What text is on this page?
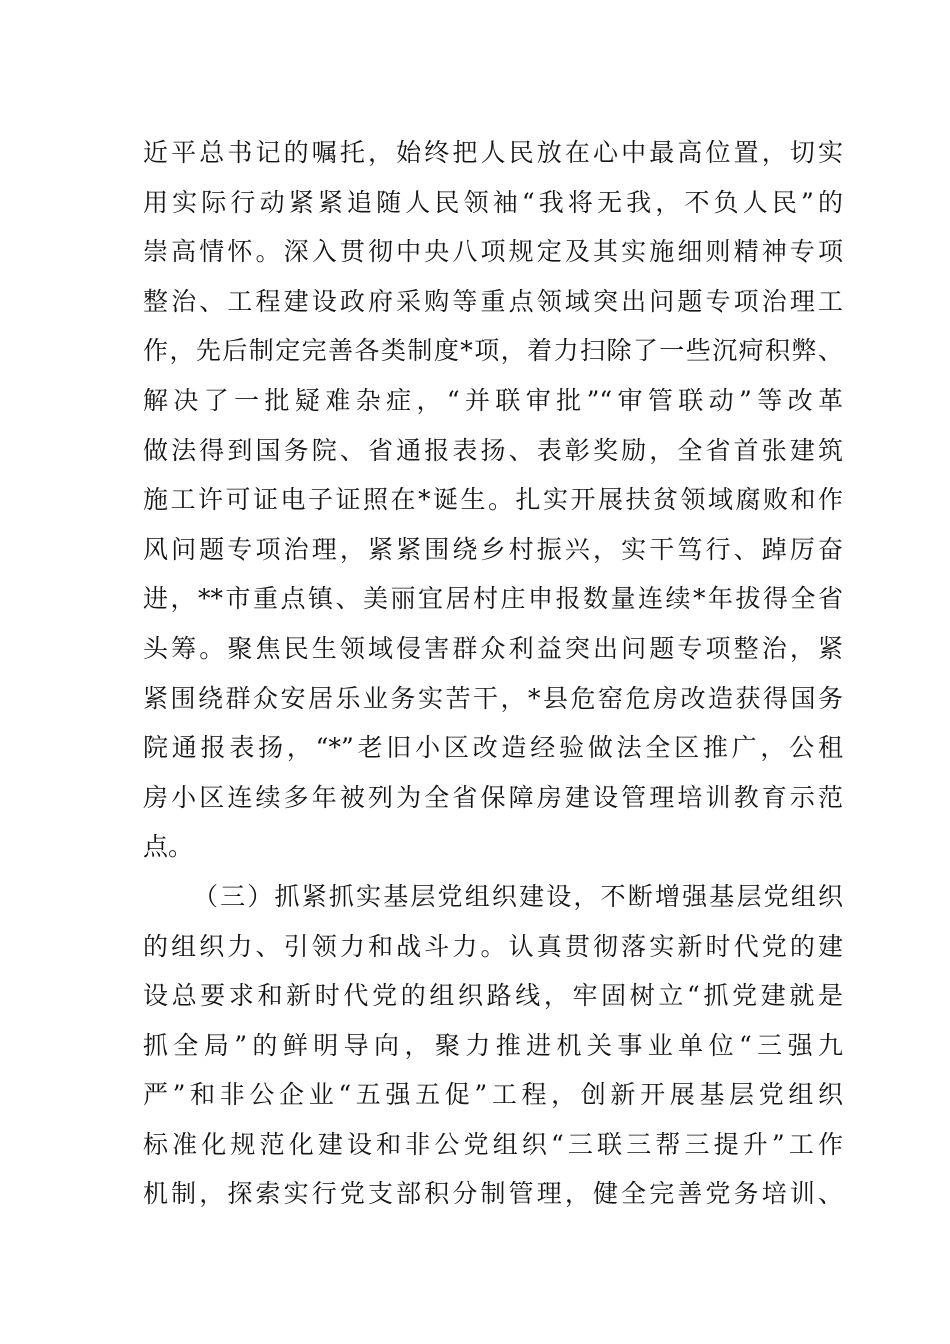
近平总书记的嘱托，始终把人民放在心中最高位置，切实
用实际行动紧紧追随人民领袖“我将无我，不负人民”的
崇高情怀。深入贯彻中央八项规定及其实施细则精神专项
整治、工程建设政府采购等重点领域突出问题专项治理工
作，先后制定完善各类制度*项，着力扫除了一些沉疴积弊、
解决了一批疑难杂症，“并联审批”“审管联动”等改革
做法得到国务院、省通报表扬、表彰奖励，全省首张建筑
施工许可证电子证照在*诞生。扎实开展扶贫领域腐败和作
风问题专项治理，紧紧围绕乡村振兴，实干笃行、踔厉奋
进，**市重点镇、美丽宜居村庄申报数量连续*年拔得全省
头筹。聚焦民生领域侵害群众利益突出问题专项整治，紧
紧围绕群众安居乐业务实苦干，*县危窑危房改造获得国务
院通报表扬，“*”老旧小区改造经验做法全区推广，公租
房小区连续多年被列为全省保障房建设管理培训教育示范
点。
（三）抓紧抓实基层党组织建设，不断增强基层党组织
的组织力、引领力和战斗力。认真贯彻落实新时代党的建
设总要求和新时代党的组织路线，牢固树立“抓党建就是
抓全局”的鲜明导向，聚力推进机关事业单位“三强九
严”和非公企业“五强五促”工程，创新开展基层党组织
标准化规范化建设和非公党组织“三联三帮三提升”工作
机制，探索实行党支部积分制管理，健全完善党务培训、
